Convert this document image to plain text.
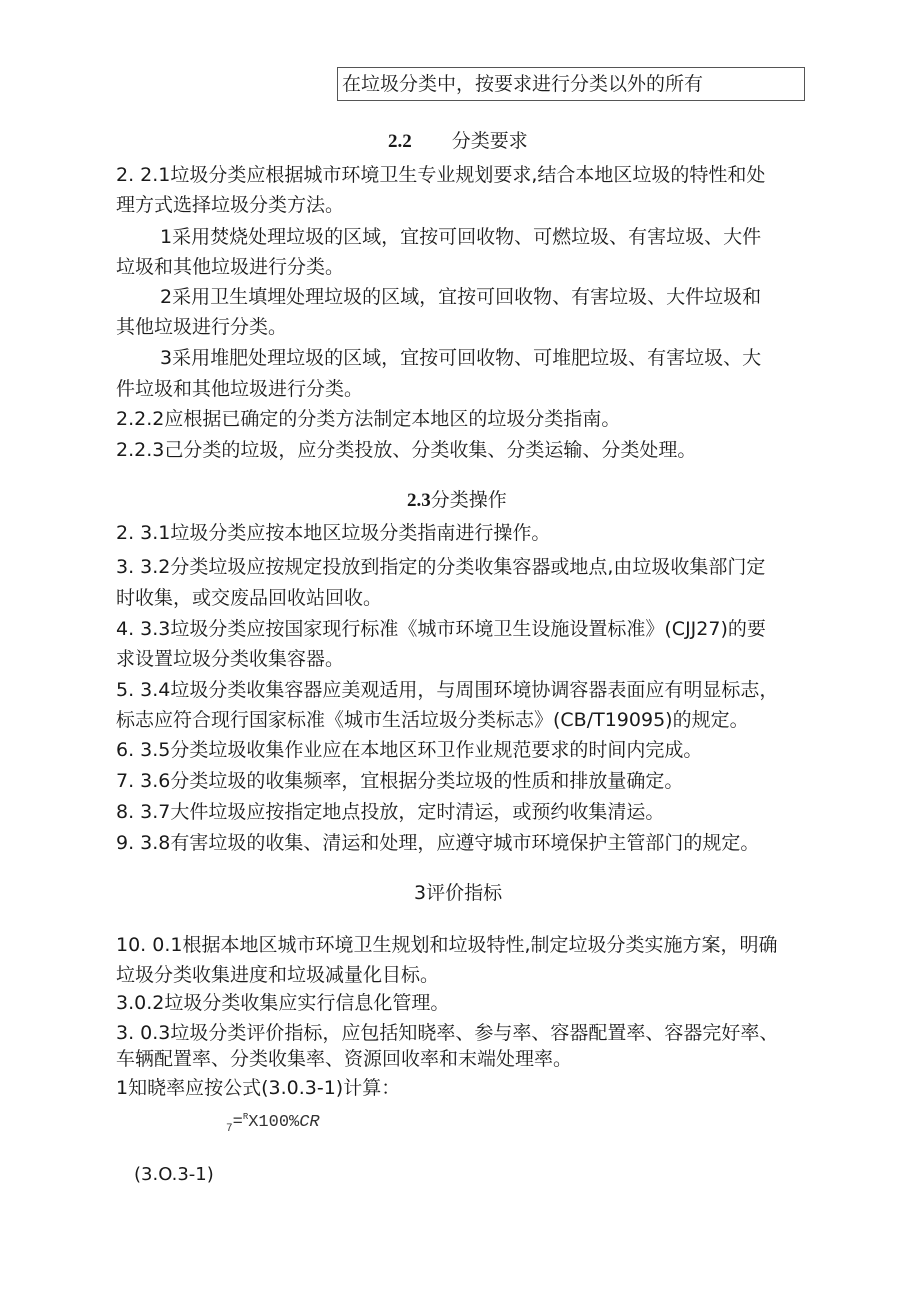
在垃圾分类中，按要求进行分类以外的所有
2.2 分类要求
2. 2.1垃圾分类应根据城市环境卫生专业规划要求,结合本地区垃圾的特性和处
理方式选择垃圾分类方法。
1采用焚烧处理垃圾的区域，宜按可回收物、可燃垃圾、有害垃圾、大件
垃圾和其他垃圾进行分类。
2采用卫生填埋处理垃圾的区域，宜按可回收物、有害垃圾、大件垃圾和
其他垃圾进行分类。
3采用堆肥处理垃圾的区域，宜按可回收物、可堆肥垃圾、有害垃圾、大
件垃圾和其他垃圾进行分类。
2.2.2应根据已确定的分类方法制定本地区的垃圾分类指南。
2.2.3己分类的垃圾，应分类投放、分类收集、分类运输、分类处理。
2.3分类操作
2. 3.1垃圾分类应按本地区垃圾分类指南进行操作。
3. 3.2分类垃圾应按规定投放到指定的分类收集容器或地点,由垃圾收集部门定
时收集，或交废品回收站回收。
4. 3.3垃圾分类应按国家现行标准《城市环境卫生设施设置标准》(CJJ27)的要
求设置垃圾分类收集容器。
5. 3.4垃圾分类收集容器应美观适用，与周围环境协调容器表面应有明显标志，
标志应符合现行国家标准《城市生活垃圾分类标志》(CB/T19095)的规定。
6. 3.5分类垃圾收集作业应在本地区环卫作业规范要求的时间内完成。
7. 3.6分类垃圾的收集频率，宜根据分类垃圾的性质和排放量确定。
8. 3.7大件垃圾应按指定地点投放，定时清运，或预约收集清运。
9. 3.8有害垃圾的收集、清运和处理，应遵守城市环境保护主管部门的规定。
3评价指标
10. 0.1根据本地区城市环境卫生规划和垃圾特性,制定垃圾分类实施方案，明确
垃圾分类收集进度和垃圾减量化目标。
3.0.2垃圾分类收集应实行信息化管理。
3. 0.3垃圾分类评价指标，应包括知晓率、参与率、容器配置率、容器完好率、
车辆配置率、分类收集率、资源回收率和末端处理率。
1知晓率应按公式(3.0.3-1)计算：
$_7$=$^R$X100%CR
(3.O.3-1)
